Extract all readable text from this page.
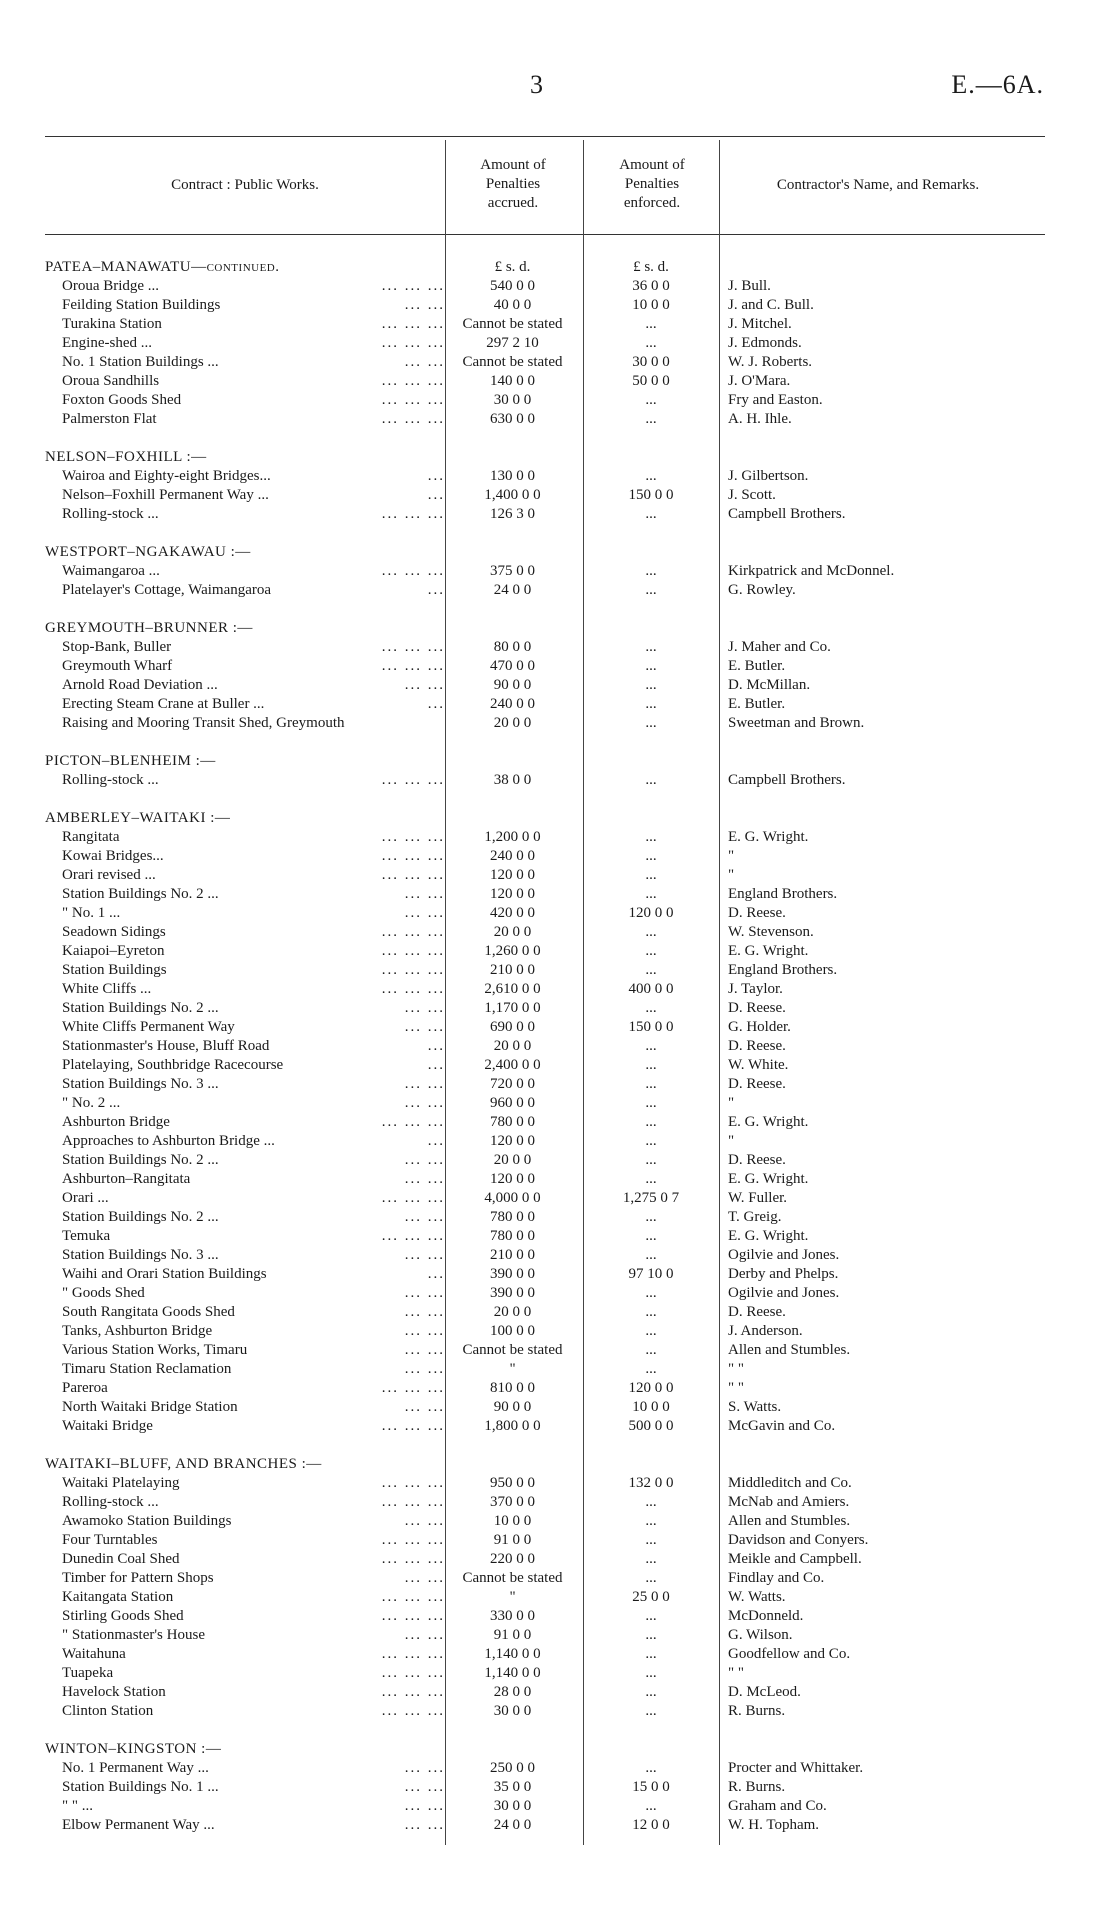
3	E.—6A.
Contract : Public Works.
Amount of Penalties accrued.
Amount of Penalties enforced.
Contractor's Name, and Remarks.
PATEA–MANAWATU—continued.	£ s. d.	£ s. d.
Oroua Bridge ...	... ... ...	540 0 0	36 0 0	J. Bull.
Feilding Station Buildings	... ...	40 0 0	10 0 0	J. and C. Bull.
Turakina Station	... ... ...	Cannot be stated	...	J. Mitchel.
Engine-shed ...	... ... ...	297 2 10	...	J. Edmonds.
No. 1 Station Buildings ...	... ...	Cannot be stated	30 0 0	W. J. Roberts.
Oroua Sandhills	... ... ...	140 0 0	50 0 0	J. O'Mara.
Foxton Goods Shed	... ... ...	30 0 0	...	Fry and Easton.
Palmerston Flat	... ... ...	630 0 0	...	A. H. Ihle.
NELSON–FOXHILL :—
Wairoa and Eighty-eight Bridges...	...	130 0 0	...	J. Gilbertson.
Nelson–Foxhill Permanent Way ...	...	1,400 0 0	150 0 0	J. Scott.
Rolling-stock ...	... ... ...	126 3 0	...	Campbell Brothers.
WESTPORT–NGAKAWAU :—
Waimangaroa ...	... ... ...	375 0 0	...	Kirkpatrick and McDonnel.
Platelayer's Cottage, Waimangaroa	...	24 0 0	...	G. Rowley.
GREYMOUTH–BRUNNER :—
Stop-Bank, Buller	... ... ...	80 0 0	...	J. Maher and Co.
Greymouth Wharf	... ... ...	470 0 0	...	E. Butler.
Arnold Road Deviation ...	... ...	90 0 0	...	D. McMillan.
Erecting Steam Crane at Buller ...	...	240 0 0	...	E. Butler.
Raising and Mooring Transit Shed, Greymouth	20 0 0	...	Sweetman and Brown.
PICTON–BLENHEIM :—
Rolling-stock ...	... ... ...	38 0 0	...	Campbell Brothers.
AMBERLEY–WAITAKI :—
Rangitata	... ... ...	1,200 0 0	...	E. G. Wright.
Kowai Bridges...	... ... ...	240 0 0	...	"
Orari revised ...	... ... ...	120 0 0	...	"
Station Buildings No. 2 ...	... ...	120 0 0	...	England Brothers.
" No. 1 ...	... ...	420 0 0	120 0 0	D. Reese.
Seadown Sidings	... ... ...	20 0 0	...	W. Stevenson.
Kaiapoi–Eyreton	... ... ...	1,260 0 0	...	E. G. Wright.
Station Buildings	... ... ...	210 0 0	...	England Brothers.
White Cliffs ...	... ... ...	2,610 0 0	400 0 0	J. Taylor.
Station Buildings No. 2 ...	... ...	1,170 0 0	...	D. Reese.
White Cliffs Permanent Way	... ...	690 0 0	150 0 0	G. Holder.
Stationmaster's House, Bluff Road	...	20 0 0	...	D. Reese.
Platelaying, Southbridge Racecourse	...	2,400 0 0	...	W. White.
Station Buildings No. 3 ...	... ...	720 0 0	...	D. Reese.
" No. 2 ...	... ...	960 0 0	...	"
Ashburton Bridge	... ... ...	780 0 0	...	E. G. Wright.
Approaches to Ashburton Bridge ...	...	120 0 0	...	"
Station Buildings No. 2 ...	... ...	20 0 0	...	D. Reese.
Ashburton–Rangitata	... ...	120 0 0	...	E. G. Wright.
Orari ...	... ... ...	4,000 0 0	1,275 0 7	W. Fuller.
Station Buildings No. 2 ...	... ...	780 0 0	...	T. Greig.
Temuka	... ... ...	780 0 0	...	E. G. Wright.
Station Buildings No. 3 ...	... ...	210 0 0	...	Ogilvie and Jones.
Waihi and Orari Station Buildings	...	390 0 0	97 10 0	Derby and Phelps.
" Goods Shed	... ...	390 0 0	...	Ogilvie and Jones.
South Rangitata Goods Shed	... ...	20 0 0	...	D. Reese.
Tanks, Ashburton Bridge	... ...	100 0 0	...	J. Anderson.
Various Station Works, Timaru	... ...	Cannot be stated	...	Allen and Stumbles.
Timaru Station Reclamation	... ...	"	...	" "
Pareroa	... ... ...	810 0 0	120 0 0	" "
North Waitaki Bridge Station	... ...	90 0 0	10 0 0	S. Watts.
Waitaki Bridge	... ... ...	1,800 0 0	500 0 0	McGavin and Co.
WAITAKI–BLUFF, AND BRANCHES :—
Waitaki Platelaying	... ... ...	950 0 0	132 0 0	Middleditch and Co.
Rolling-stock ...	... ... ...	370 0 0	...	McNab and Amiers.
Awamoko Station Buildings	... ...	10 0 0	...	Allen and Stumbles.
Four Turntables	... ... ...	91 0 0	...	Davidson and Conyers.
Dunedin Coal Shed	... ... ...	220 0 0	...	Meikle and Campbell.
Timber for Pattern Shops	... ...	Cannot be stated	...	Findlay and Co.
Kaitangata Station	... ... ...	"	25 0 0	W. Watts.
Stirling Goods Shed	... ... ...	330 0 0	...	McDonneld.
" Stationmaster's House	... ...	91 0 0	...	G. Wilson.
Waitahuna	... ... ...	1,140 0 0	...	Goodfellow and Co.
Tuapeka	... ... ...	1,140 0 0	...	" "
Havelock Station	... ... ...	28 0 0	...	D. McLeod.
Clinton Station	... ... ...	30 0 0	...	R. Burns.
WINTON–KINGSTON :—
No. 1 Permanent Way ...	... ...	250 0 0	...	Procter and Whittaker.
Station Buildings No. 1 ...	... ...	35 0 0	15 0 0	R. Burns.
" " ...	... ...	30 0 0	...	Graham and Co.
Elbow Permanent Way ...	... ...	24 0 0	12 0 0	W. H. Topham.
